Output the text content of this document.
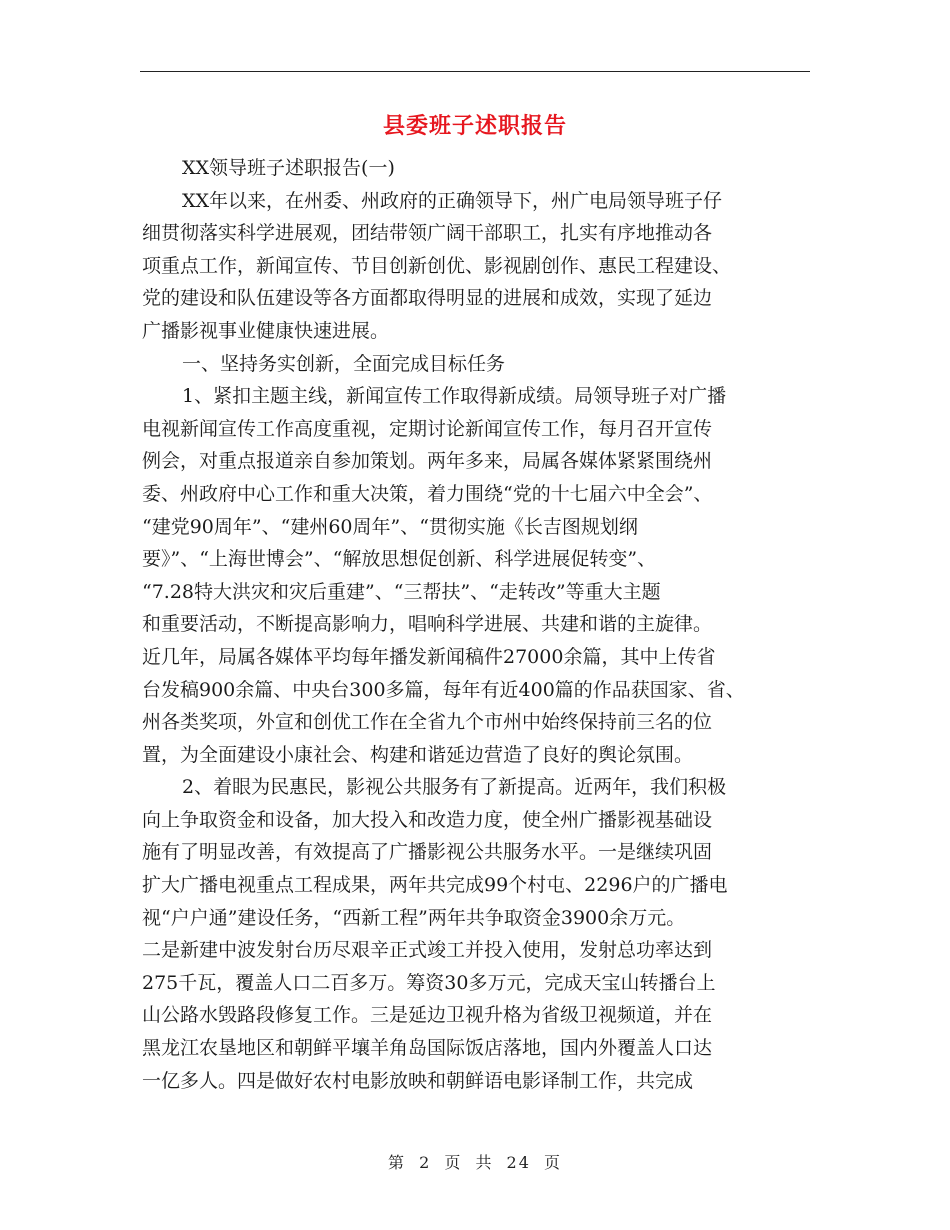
县委班子述职报告
XX领导班子述职报告(一)
XX年以来，在州委、州政府的正确领导下，州广电局领导班子仔
细贯彻落实科学进展观，团结带领广阔干部职工，扎实有序地推动各
项重点工作，新闻宣传、节目创新创优、影视剧创作、惠民工程建设、
党的建设和队伍建设等各方面都取得明显的进展和成效，实现了延边
广播影视事业健康快速进展。
一、坚持务实创新，全面完成目标任务
1、紧扣主题主线，新闻宣传工作取得新成绩。局领导班子对广播
电视新闻宣传工作高度重视，定期讨论新闻宣传工作，每月召开宣传
例会，对重点报道亲自参加策划。两年多来，局属各媒体紧紧围绕州
委、州政府中心工作和重大决策，着力围绕“党的十七届六中全会”、
“建党90周年”、“建州60周年”、“贯彻实施《长吉图规划纲
要》”、“上海世博会”、“解放思想促创新、科学进展促转变”、
“7.28特大洪灾和灾后重建”、“三帮扶”、“走转改”等重大主题
和重要活动，不断提高影响力，唱响科学进展、共建和谐的主旋律。
近几年，局属各媒体平均每年播发新闻稿件27000余篇，其中上传省
台发稿900余篇、中央台300多篇，每年有近400篇的作品获国家、省、
州各类奖项，外宣和创优工作在全省九个市州中始终保持前三名的位
置，为全面建设小康社会、构建和谐延边营造了良好的舆论氛围。
2、着眼为民惠民，影视公共服务有了新提高。近两年，我们积极
向上争取资金和设备，加大投入和改造力度，使全州广播影视基础设
施有了明显改善，有效提高了广播影视公共服务水平。一是继续巩固
扩大广播电视重点工程成果，两年共完成99个村屯、2296户的广播电
视“户户通”建设任务，“西新工程”两年共争取资金3900余万元。
二是新建中波发射台历尽艰辛正式竣工并投入使用，发射总功率达到
275千瓦，覆盖人口二百多万。筹资30多万元，完成天宝山转播台上
山公路水毁路段修复工作。三是延边卫视升格为省级卫视频道，并在
黑龙江农垦地区和朝鲜平壤羊角岛国际饭店落地，国内外覆盖人口达
一亿多人。四是做好农村电影放映和朝鲜语电影译制工作，共完成
第 2 页 共 24 页
